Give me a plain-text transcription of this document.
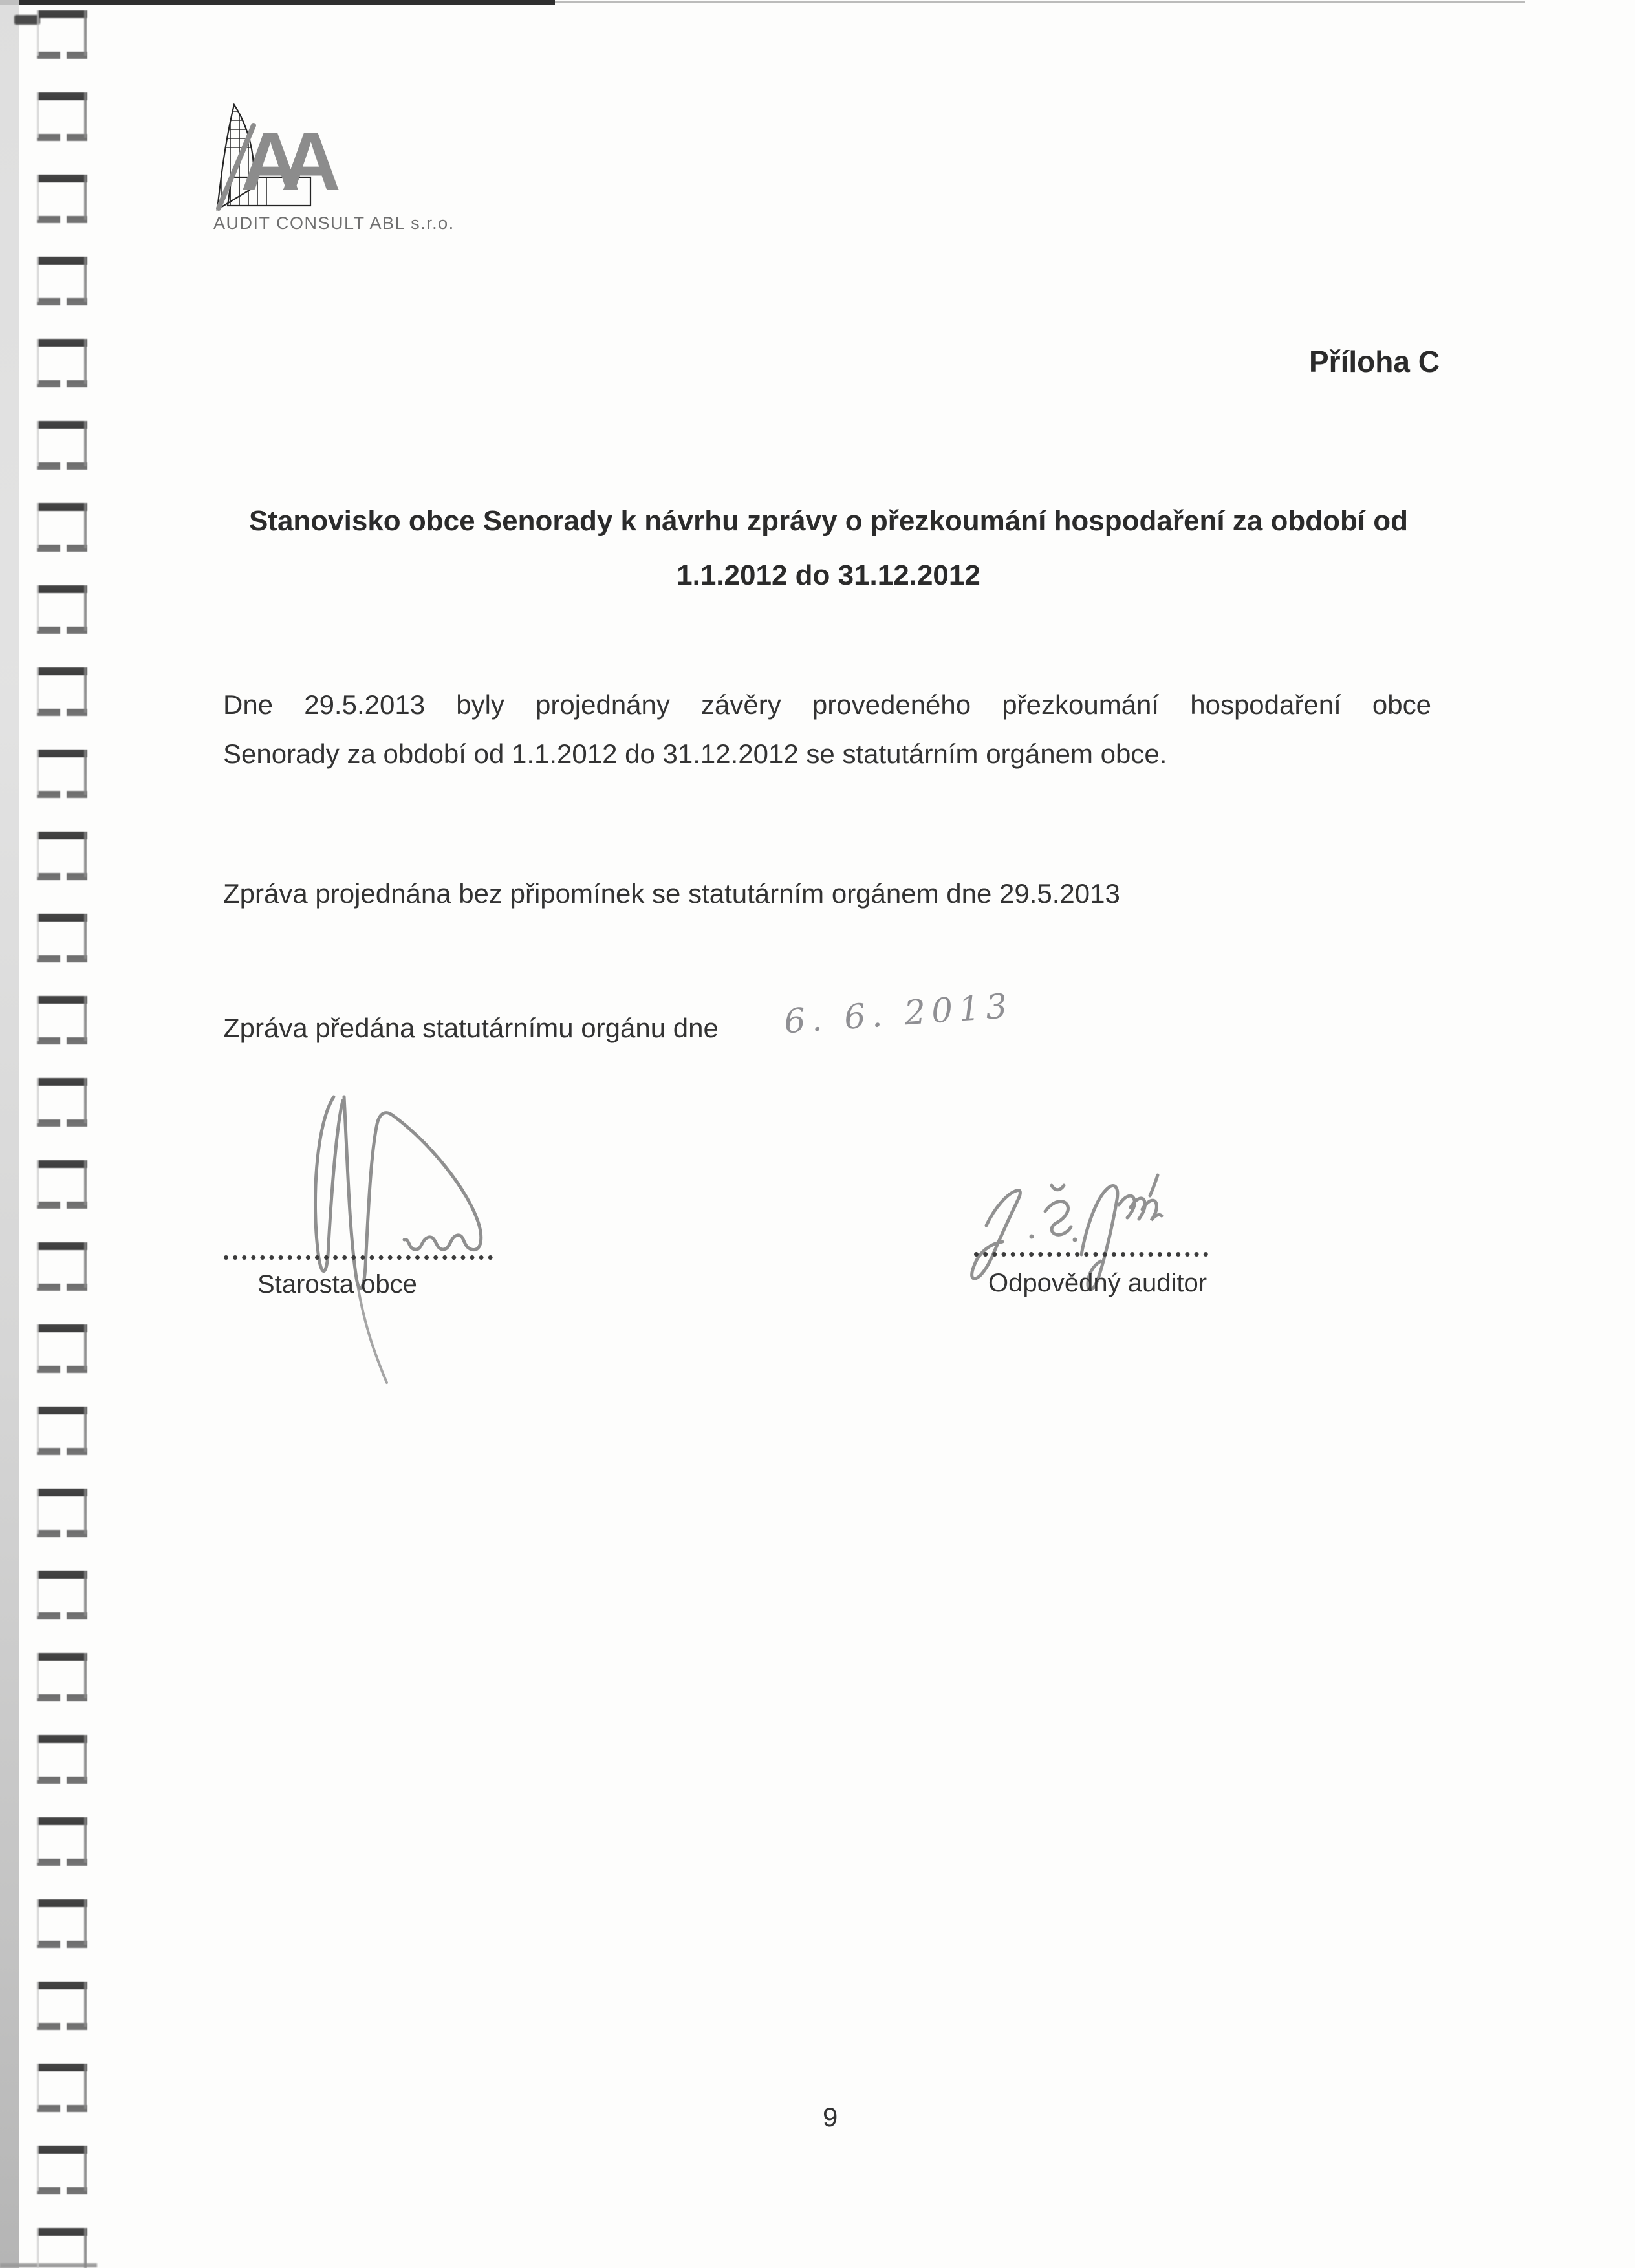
AA
AUDIT CONSULT ABL s.r.o.
Příloha C
Stanovisko obce Senorady k návrhu zprávy o přezkoumání hospodaření za období od
1.1.2012 do 31.12.2012
Dne 29.5.2013 byly projednány závěry provedeného přezkoumání hospodaření obce
Senorady za období od 1.1.2012 do 31.12.2012 se statutárním orgánem obce.
Zpráva projednána bez připomínek se statutárním orgánem dne 29.5.2013
Zpráva předána statutárnímu orgánu dne	6. 6. 2013
Starosta obce	Odpovědný auditor
9
